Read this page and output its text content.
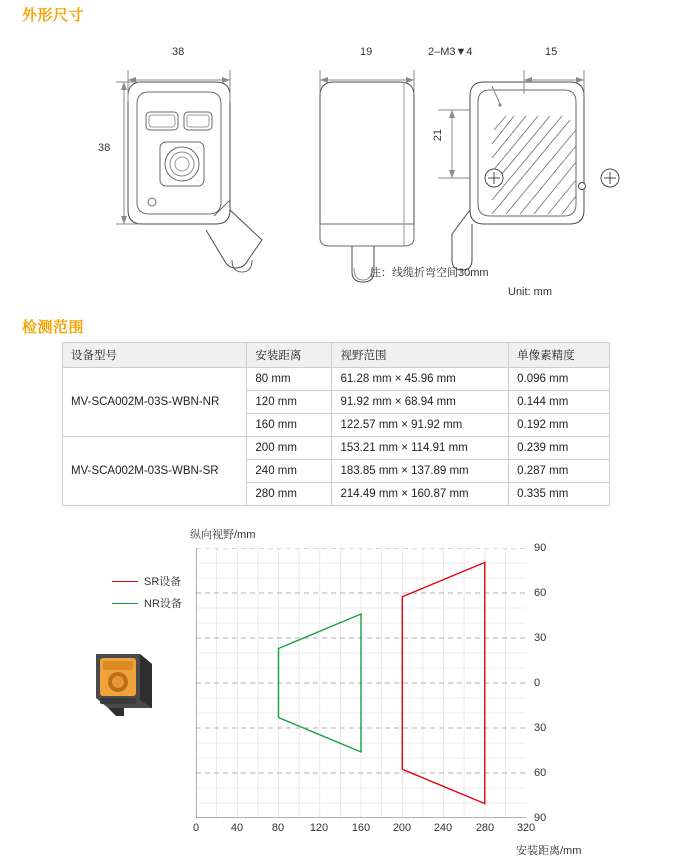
外形尺寸
38
38
19	2–M3▼4	15
21
注：线缆折弯空间30mm
Unit: mm
检测范围
设备型号	安装距离	视野范围	单像素精度
MV-SCA002M-03S-WBN-NR	80 mm	61.28 mm × 45.96 mm	0.096 mm
	120 mm	91.92 mm × 68.94 mm	0.144 mm
	160 mm	122.57 mm × 91.92 mm	0.192 mm
MV-SCA002M-03S-WBN-SR	200 mm	153.21 mm × 114.91 mm	0.239 mm
	240 mm	183.85 mm × 137.89 mm	0.287 mm
	280 mm	214.49 mm × 160.87 mm	0.335 mm
纵向视野/mm
SR设备
NR设备
90
60
30
0
30
60
90
0	40	80	120	160	200	240	280	320
安装距离/mm
